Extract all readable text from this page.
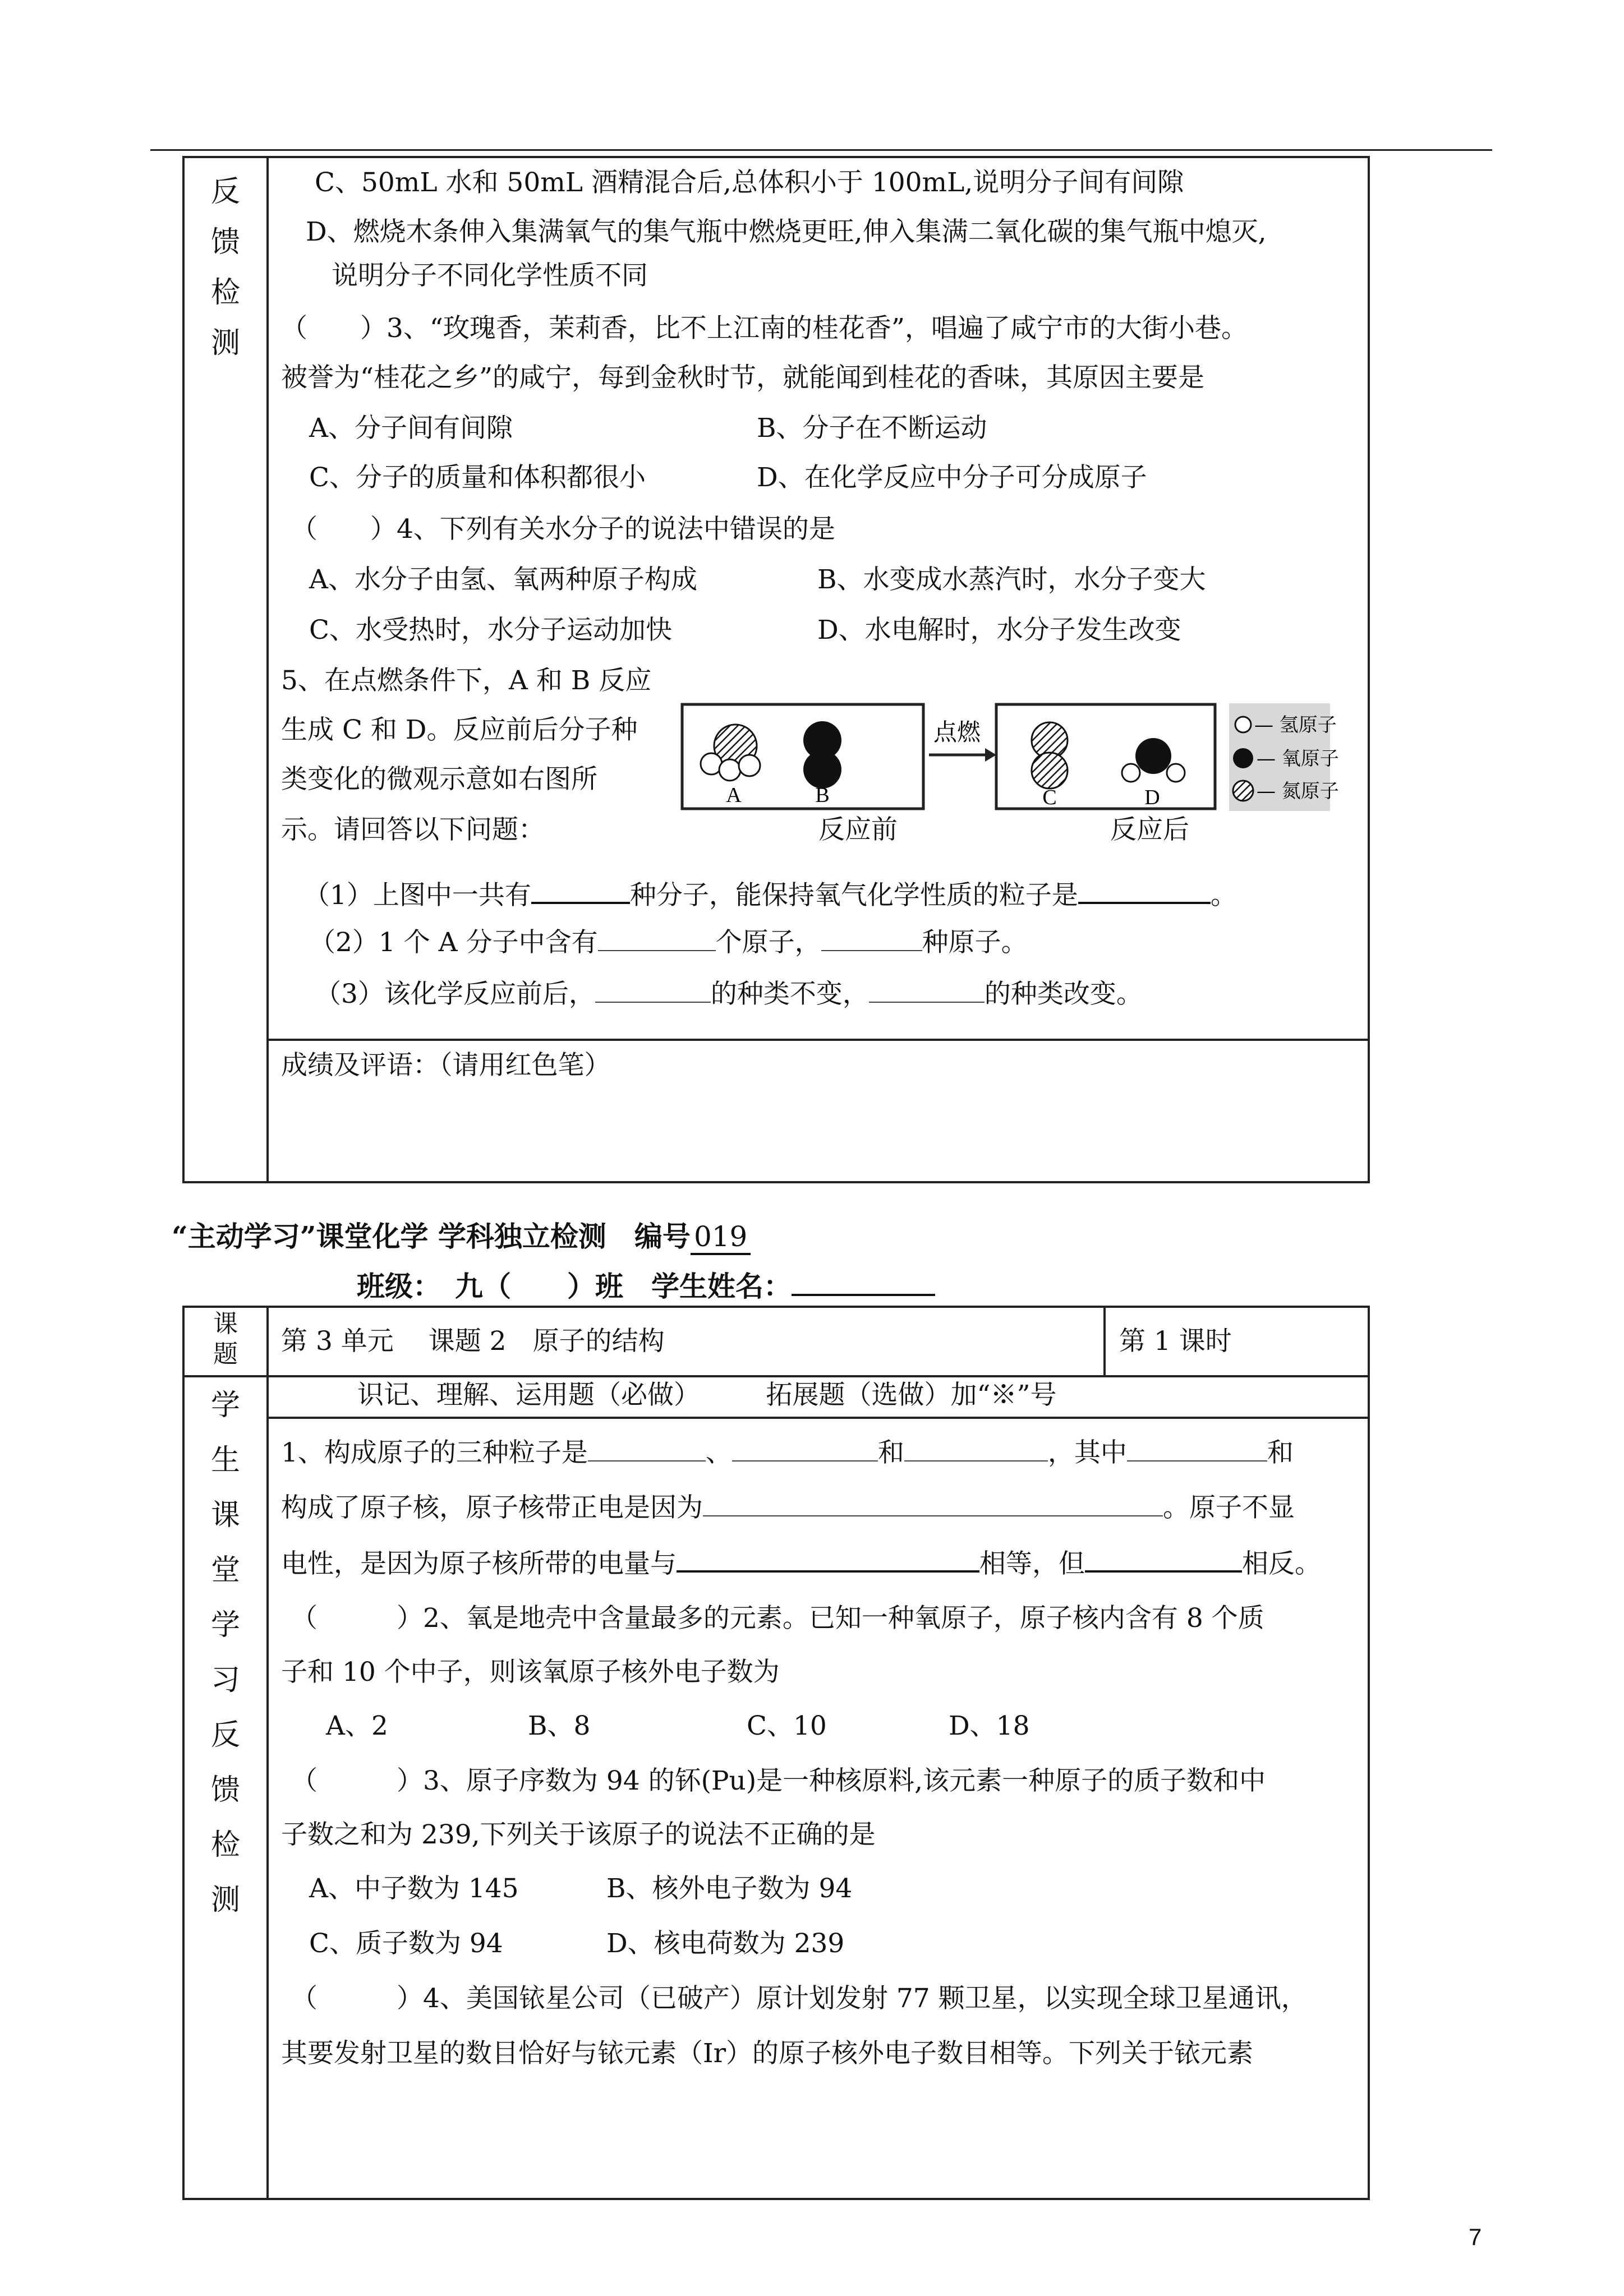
反
馈
检
测
C、50mL 水和 50mL 酒精混合后,总体积小于 100mL,说明分子间有间隙
D、燃烧木条伸入集满氧气的集气瓶中燃烧更旺,伸入集满二氧化碳的集气瓶中熄灭,
说明分子不同化学性质不同
（　　）3、“玫瑰香，茉莉香，比不上江南的桂花香”，唱遍了咸宁市的大街小巷。
被誉为“桂花之乡”的咸宁，每到金秋时节，就能闻到桂花的香味，其原因主要是
A、分子间有间隙	B、分子在不断运动
C、分子的质量和体积都很小	D、在化学反应中分子可分成原子
（　　）4、下列有关水分子的说法中错误的是
A、水分子由氢、氧两种原子构成	B、水变成水蒸汽时，水分子变大
C、水受热时，水分子运动加快	D、水电解时，水分子发生改变
5、在点燃条件下，A 和 B 反应
生成 C 和 D。反应前后分子种
类变化的微观示意如右图所
示。请回答以下问题：	反应前	反应后
（1）上图中一共有	种分子，能保持氧气化学性质的粒子是	。
（2）1 个 A 分子中含有	个原子，	种原子。
（3）该化学反应前后，	的种类不变，	的种类改变。
成绩及评语：（请用红色笔）
A	B
点燃
C	D
— 氢原子
— 氧原子
— 氮原子
“主动学习”课堂化学 学科独立检测　编号 019
班级：　九（　　）班　学生姓名：
学
生
课
堂
学
习
反
馈
检
测
课
题	第 3 单元　 课题 2　原子的结构	第 1 课时
识记、理解、运用题（必做）　　　拓展题（选做）加“※”号
1、构成原子的三种粒子是	、	和	，其中	和
构成了原子核，原子核带正电是因为	。原子不显
电性，是因为原子核所带的电量与	相等，但	相反。
（　　　）2、氧是地壳中含量最多的元素。已知一种氧原子，原子核内含有 8 个质
子和 10 个中子，则该氧原子核外电子数为
A、2	B、8	C、10	D、18
（　　　）3、原子序数为 94 的钚(Pu)是一种核原料,该元素一种原子的质子数和中
子数之和为 239,下列关于该原子的说法不正确的是
A、中子数为 145	B、核外电子数为 94
C、质子数为 94	D、核电荷数为 239
（　　　）4、美国铱星公司（已破产）原计划发射 77 颗卫星，以实现全球卫星通讯，
其要发射卫星的数目恰好与铱元素（Ir）的原子核外电子数目相等。下列关于铱元素
7
